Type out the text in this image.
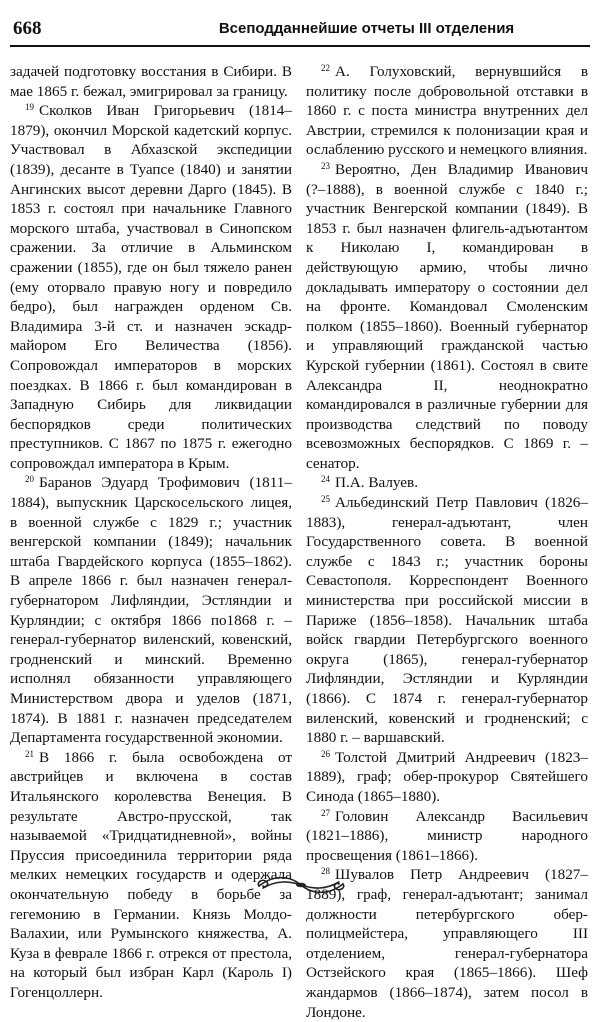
668	Всеподданнейшие отчеты III отделения

задачей подготовку восстания в Сибири. В мае 1865 г. бежал, эмигрировал за границу.

$^{19}$ Сколков Иван Григорьевич (1814–1879), окончил Морской кадетский корпус. Участвовал в Абхазской экспедиции (1839), десанте в Туапсе (1840) и занятии Ангинских высот деревни Дарго (1845). В 1853 г. состоял при начальнике Главного морского штаба, участвовал в Синопском сражении. За отличие в Альминском сражении (1855), где он был тяжело ранен (ему оторвало правую ногу и повредило бедро), был награжден орденом Св. Владимира 3-й ст. и назначен эскадр-майором Его Величества (1856). Сопровождал императоров в морских поездках. В 1866 г. был командирован в Западную Сибирь для ликвидации беспорядков среди политических преступников. С 1867 по 1875 г. ежегодно сопровождал императора в Крым.

$^{20}$ Баранов Эдуард Трофимович (1811–1884), выпускник Царскосельского лицея, в военной службе с 1829 г.; участник венгерской компании (1849); начальник штаба Гвардейского корпуса (1855–1862). В апреле 1866 г. был назначен генерал-губернатором Лифляндии, Эстляндии и Курляндии; с октября 1866 по1868 г. – генерал-губернатор виленский, ковенский, гродненский и минский. Временно исполнял обязанности управляющего Министерством двора и уделов (1871, 1874). В 1881 г. назначен председателем Департамента государственной экономии.

$^{21}$ В 1866 г. была освобождена от австрийцев и включена в состав Итальянского королевства Венеция. В результате Австро-прусской, так называемой «Тридцатидневной», войны Пруссия присоединила территории ряда мелких немецких государств и одержала окончательную победу в борьбе за гегемонию в Германии. Князь Молдо-Валахии, или Румынского княжества, А. Куза в феврале 1866 г. отрекся от престола, на который был избран Карл (Кароль I) Гогенцоллерн.

$^{22}$ А. Голуховский, вернувшийся в политику после добровольной отставки в 1860 г. с поста министра внутренних дел Австрии, стремился к полонизации края и ослаблению русского и немецкого влияния.

$^{23}$ Вероятно, Ден Владимир Иванович (?–1888), в военной службе с 1840 г.; участник Венгерской компании (1849). В 1853 г. был назначен флигель-адъютантом к Николаю I, командирован в действующую армию, чтобы лично докладывать императору о состоянии дел на фронте. Командовал Смоленским полком (1855–1860). Военный губернатор и управляющий гражданской частью Курской губернии (1861). Состоял в свите Александра II, неоднократно командировался в различные губернии для производства следствий по поводу всевозможных беспорядков. С 1869 г. – сенатор.

$^{24}$ П.А. Валуев.

$^{25}$ Альбединский Петр Павлович (1826–1883), генерал-адъютант, член Государственного совета. В военной службе с 1843 г.; участник бороны Севастополя. Корреспондент Военного министерства при российской миссии в Париже (1856–1858). Начальник штаба войск гвардии Петербургского военного округа (1865), генерал-губернатор Лифляндии, Эстляндии и Курляндии (1866). С 1874 г. генерал-губернатор виленский, ковенский и гродненский; с 1880 г. – варшавский.

$^{26}$ Толстой Дмитрий Андреевич (1823–1889), граф; обер-прокурор Святейшего Синода (1865–1880).

$^{27}$ Головин Александр Васильевич (1821–1886), министр народного просвещения (1861–1866).

$^{28}$ Шувалов Петр Андреевич (1827–1889), граф, генерал-адъютант; занимал должности петербургского обер-полицмейстера, управляющего III отделением, генерал-губернатора Остзейского края (1865–1866). Шеф жандармов (1866–1874), затем посол в Лондоне.
